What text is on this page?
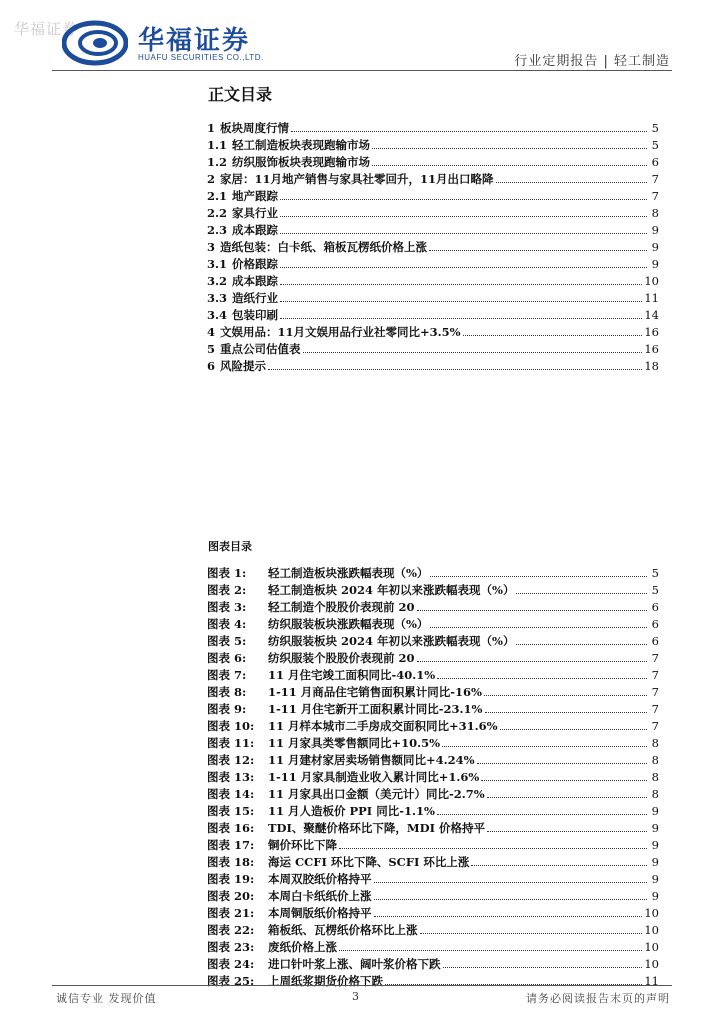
华福证券 华福证券
HUAFU SECURITIES CO.,LTD.	行业定期报告 | 轻工制造
正文目录
1 板块周度行情	5
1.1 轻工制造板块表现跑输市场	5
1.2 纺织服饰板块表现跑输市场	6
2 家居：11月地产销售与家具社零回升，11月出口略降	7
2.1 地产跟踪	7
2.2 家具行业	8
2.3 成本跟踪	9
3 造纸包装：白卡纸、箱板瓦楞纸价格上涨	9
3.1 价格跟踪	9
3.2 成本跟踪	10
3.3 造纸行业	11
3.4 包装印刷	14
4 文娱用品：11月文娱用品行业社零同比+3.5%	16
5 重点公司估值表	16
6 风险提示	18
图表目录
图表 1:	轻工制造板块涨跌幅表现（%）	5
图表 2:	轻工制造板块 2024 年初以来涨跌幅表现（%）	5
图表 3:	轻工制造个股股价表现前 20	6
图表 4:	纺织服装板块涨跌幅表现（%）	6
图表 5:	纺织服装板块 2024 年初以来涨跌幅表现（%）	6
图表 6:	纺织服装个股股价表现前 20	7
图表 7:	11 月住宅竣工面积同比-40.1%	7
图表 8:	1-11 月商品住宅销售面积累计同比-16%	7
图表 9:	1-11 月住宅新开工面积累计同比-23.1%	7
图表 10:	11 月样本城市二手房成交面积同比+31.6%	7
图表 11:	11 月家具类零售额同比+10.5%	8
图表 12:	11 月建材家居卖场销售额同比+4.24%	8
图表 13:	1-11 月家具制造业收入累计同比+1.6%	8
图表 14:	11 月家具出口金额（美元计）同比-2.7%	8
图表 15:	11 月人造板价 PPI 同比-1.1%	9
图表 16:	TDI、聚醚价格环比下降，MDI 价格持平	9
图表 17:	铜价环比下降	9
图表 18:	海运 CCFI 环比下降、SCFI 环比上涨	9
图表 19:	本周双胶纸价格持平	9
图表 20:	本周白卡纸纸价上涨	9
图表 21:	本周铜版纸价格持平	10
图表 22:	箱板纸、瓦楞纸价格环比上涨	10
图表 23:	废纸价格上涨	10
图表 24:	进口针叶浆上涨、阔叶浆价格下跌	10
图表 25:	上周纸浆期货价格下跌	11
诚信专业 发现价值	3	请务必阅读报告末页的声明
